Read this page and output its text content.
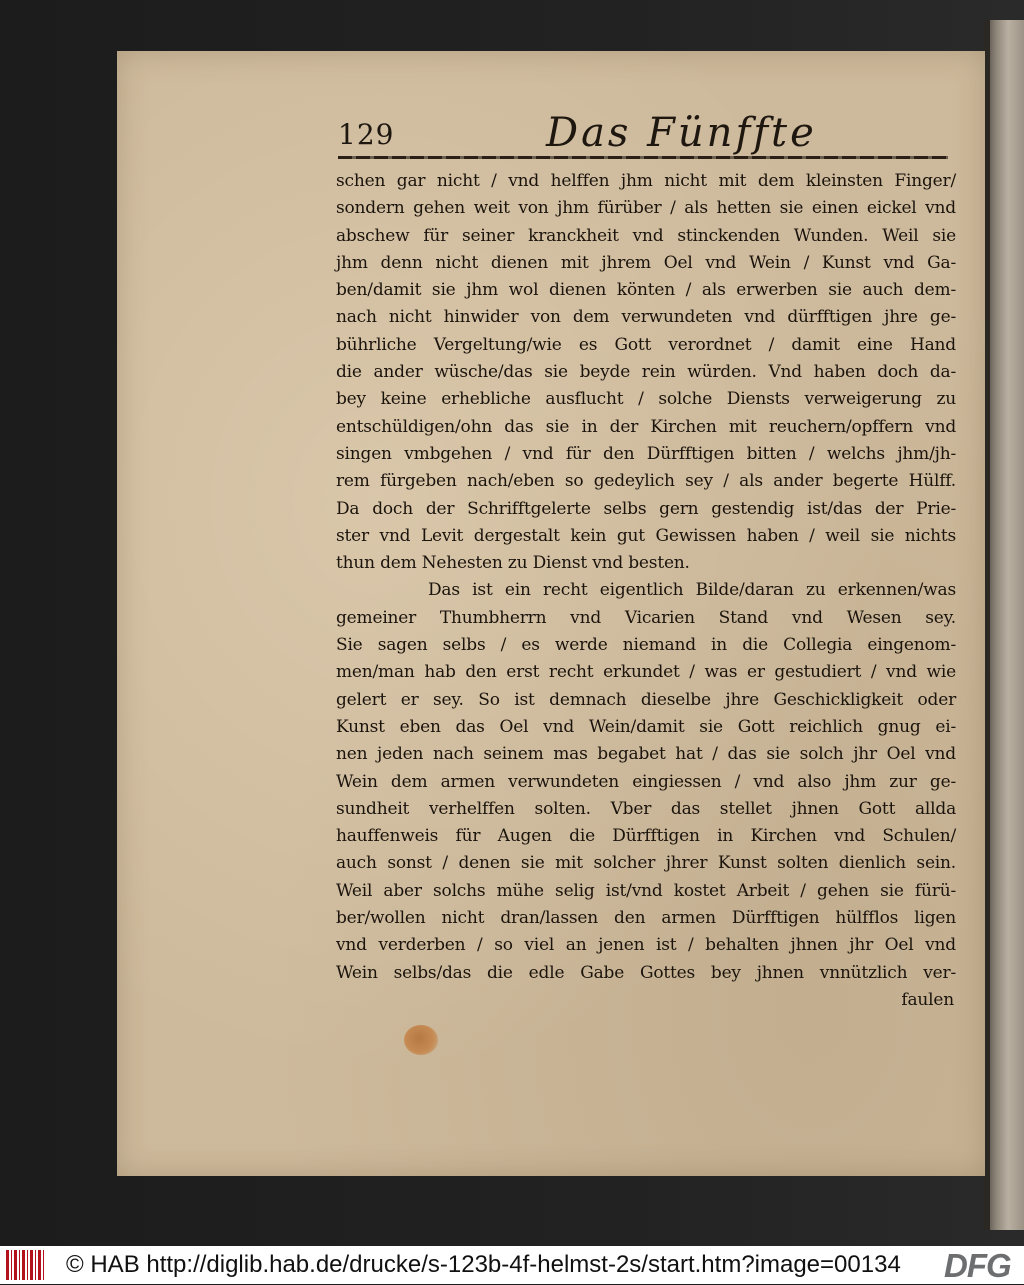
129	Das Fünffte
schen gar nicht / vnd helffen jhm nicht mit dem kleinsten Finger/
sondern gehen weit von jhm fürüber / als hetten sie einen eickel vnd
abschew für seiner kranckheit vnd stinckenden Wunden. Weil sie
jhm denn nicht dienen mit jhrem Oel vnd Wein / Kunst vnd Ga-
ben/damit sie jhm wol dienen könten / als erwerben sie auch dem-
nach nicht hinwider von dem verwundeten vnd dürfftigen jhre ge-
bührliche Vergeltung/wie es Gott verordnet / damit eine Hand
die ander wüsche/das sie beyde rein würden. Vnd haben doch da-
bey keine erhebliche ausflucht / solche Diensts verweigerung zu
entschüldigen/ohn das sie in der Kirchen mit reuchern/opffern vnd
singen vmbgehen / vnd für den Dürfftigen bitten / welchs jhm/jh-
rem fürgeben nach/eben so gedeylich sey / als ander begerte Hülff.
Da doch der Schrifftgelerte selbs gern gestendig ist/das der Prie-
ster vnd Levit dergestalt kein gut Gewissen haben / weil sie nichts
thun dem Nehesten zu Dienst vnd besten.
Das ist ein recht eigentlich Bilde/daran zu erkennen/was
gemeiner Thumbherrn vnd Vicarien Stand vnd Wesen sey.
Sie sagen selbs / es werde niemand in die Collegia eingenom-
men/man hab den erst recht erkundet / was er gestudiert / vnd wie
gelert er sey. So ist demnach dieselbe jhre Geschickligkeit oder
Kunst eben das Oel vnd Wein/damit sie Gott reichlich gnug ei-
nen jeden nach seinem mas begabet hat / das sie solch jhr Oel vnd
Wein dem armen verwundeten eingiessen / vnd also jhm zur ge-
sundheit verhelffen solten. Vber das stellet jhnen Gott allda
hauffenweis für Augen die Dürfftigen in Kirchen vnd Schulen/
auch sonst / denen sie mit solcher jhrer Kunst solten dienlich sein.
Weil aber solchs mühe selig ist/vnd kostet Arbeit / gehen sie fürü-
ber/wollen nicht dran/lassen den armen Dürfftigen hülfflos ligen
vnd verderben / so viel an jenen ist / behalten jhnen jhr Oel vnd
Wein selbs/das die edle Gabe Gottes bey jhnen vnnützlich ver-
faulen
© HAB http://diglib.hab.de/drucke/s-123b-4f-helmst-2s/start.htm?image=00134 DFG
